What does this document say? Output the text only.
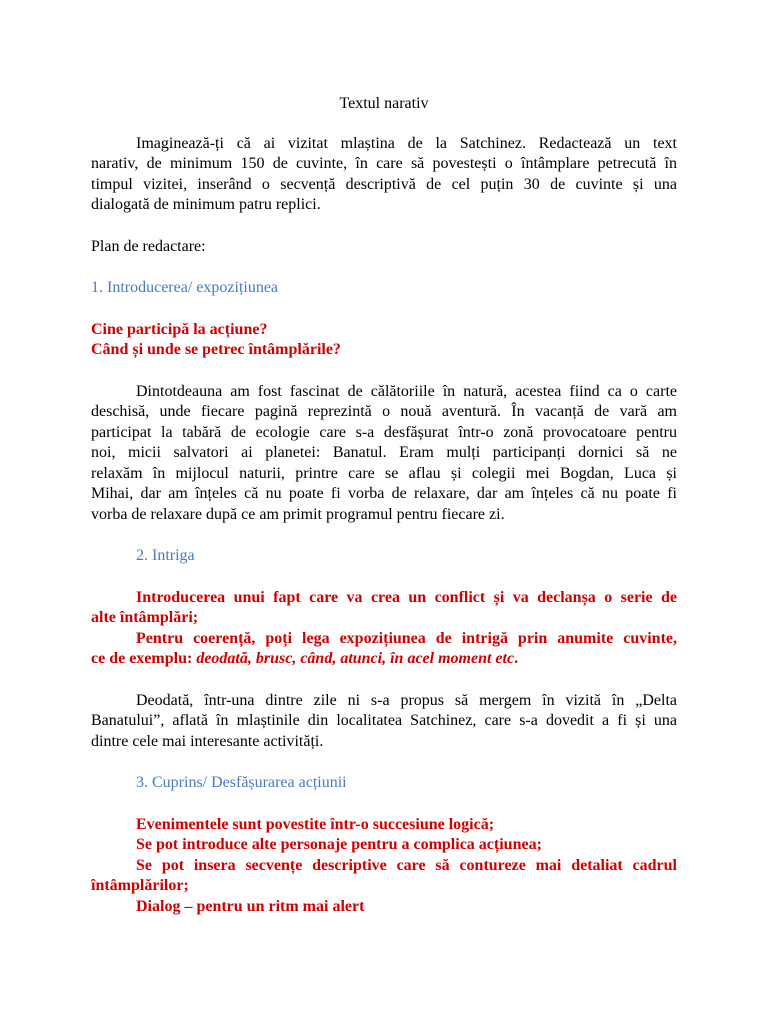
Textul narativ
Imaginează-ți că ai vizitat mlaștina de la Satchinez. Redactează un text
narativ, de minimum 150 de cuvinte, în care să povestești o întâmplare petrecută în
timpul vizitei, inserând o secvență descriptivă de cel puțin 30 de cuvinte și una
dialogată de minimum patru replici.
Plan de redactare:
1. Introducerea/ expozițiunea
Cine participă la acțiune?
Când și unde se petrec întâmplările?
Dintotdeauna am fost fascinat de călătoriile în natură, acestea fiind ca o carte
deschisă, unde fiecare pagină reprezintă o nouă aventură. În vacanță de vară am
participat la tabără de ecologie care s-a desfășurat într-o zonă provocatoare pentru
noi, micii salvatori ai planetei: Banatul. Eram mulți participanți dornici să ne
relaxăm în mijlocul naturii, printre care se aflau și colegii mei Bogdan, Luca și
Mihai, dar am înțeles că nu poate fi vorba de relaxare, dar am înțeles că nu poate fi
vorba de relaxare după ce am primit programul pentru fiecare zi.
2. Intriga
Introducerea unui fapt care va crea un conflict și va declanșa o serie de
alte întâmplări;
Pentru coerență, poți lega expozițiunea de intrigă prin anumite cuvinte,
ce de exemplu: deodată, brusc, când, atunci, în acel moment etc.
Deodată, într-una dintre zile ni s-a propus să mergem în vizită în „Delta
Banatului”, aflată în mlaștinile din localitatea Satchinez, care s-a dovedit a fi și una
dintre cele mai interesante activități.
3. Cuprins/ Desfășurarea acțiunii
Evenimentele sunt povestite într-o succesiune logică;
Se pot introduce alte personaje pentru a complica acțiunea;
Se pot insera secvențe descriptive care să contureze mai detaliat cadrul
întâmplărilor;
Dialog – pentru un ritm mai alert
